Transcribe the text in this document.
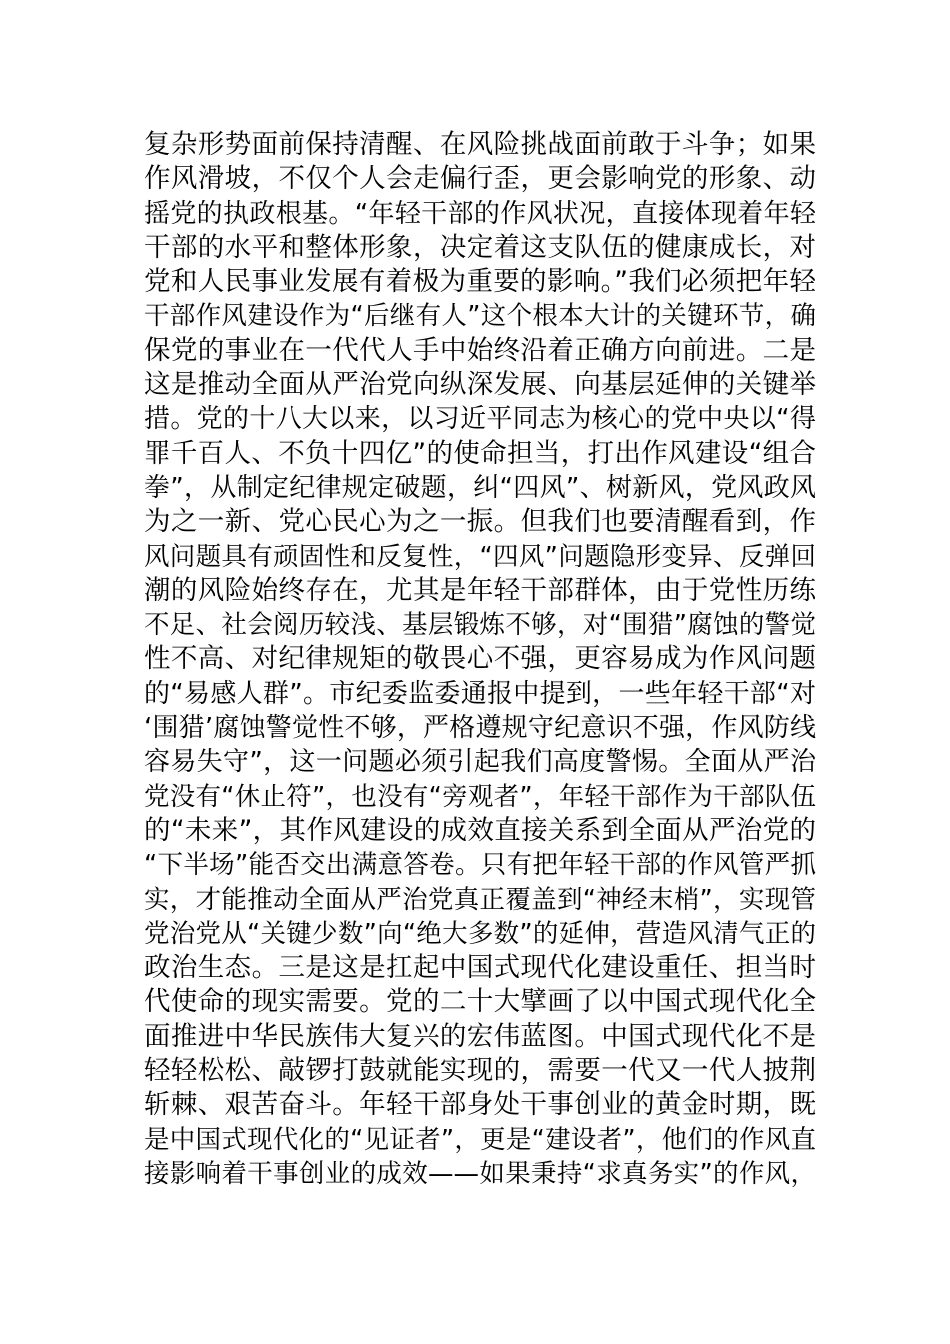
复杂形势面前保持清醒、在风险挑战面前敢于斗争；如果
作风滑坡，不仅个人会走偏行歪，更会影响党的形象、动
摇党的执政根基。“年轻干部的作风状况，直接体现着年轻
干部的水平和整体形象，决定着这支队伍的健康成长，对
党和人民事业发展有着极为重要的影响。”我们必须把年轻
干部作风建设作为“后继有人”这个根本大计的关键环节，确
保党的事业在一代代人手中始终沿着正确方向前进。二是
这是推动全面从严治党向纵深发展、向基层延伸的关键举
措。党的十八大以来，以习近平同志为核心的党中央以“得
罪千百人、不负十四亿”的使命担当，打出作风建设“组合
拳”，从制定纪律规定破题，纠“四风”、树新风，党风政风
为之一新、党心民心为之一振。但我们也要清醒看到，作
风问题具有顽固性和反复性，“四风”问题隐形变异、反弹回
潮的风险始终存在，尤其是年轻干部群体，由于党性历练
不足、社会阅历较浅、基层锻炼不够，对“围猎”腐蚀的警觉
性不高、对纪律规矩的敬畏心不强，更容易成为作风问题
的“易感人群”。市纪委监委通报中提到，一些年轻干部“对
‘围猎’腐蚀警觉性不够，严格遵规守纪意识不强，作风防线
容易失守”，这一问题必须引起我们高度警惕。全面从严治
党没有“休止符”，也没有“旁观者”，年轻干部作为干部队伍
的“未来”，其作风建设的成效直接关系到全面从严治党的
“下半场”能否交出满意答卷。只有把年轻干部的作风管严抓
实，才能推动全面从严治党真正覆盖到“神经末梢”，实现管
党治党从“关键少数”向“绝大多数”的延伸，营造风清气正的
政治生态。三是这是扛起中国式现代化建设重任、担当时
代使命的现实需要。党的二十大擘画了以中国式现代化全
面推进中华民族伟大复兴的宏伟蓝图。中国式现代化不是
轻轻松松、敲锣打鼓就能实现的，需要一代又一代人披荆
斩棘、艰苦奋斗。年轻干部身处干事创业的黄金时期，既
是中国式现代化的“见证者”，更是“建设者”，他们的作风直
接影响着干事创业的成效——如果秉持“求真务实”的作风，
